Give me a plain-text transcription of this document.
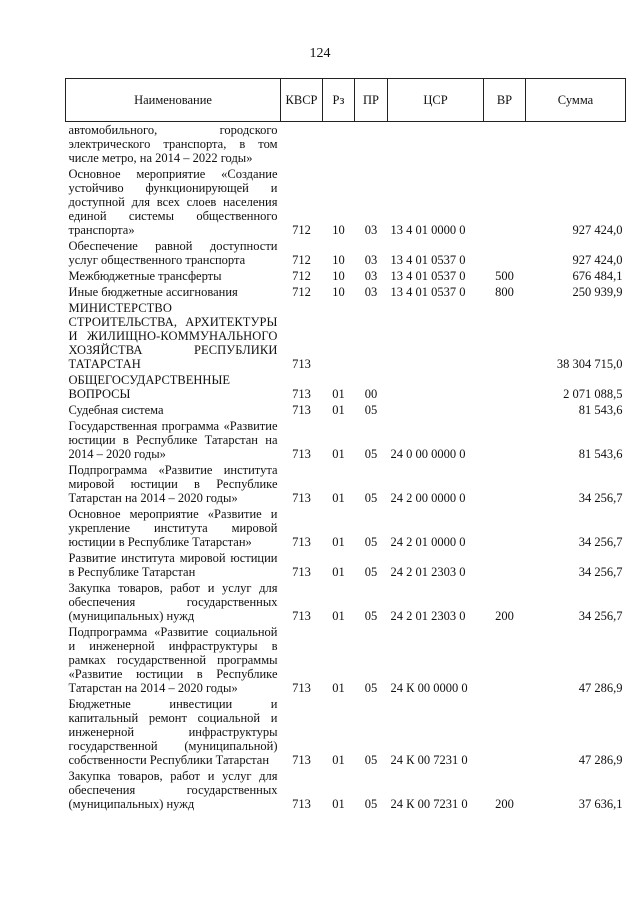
124
Наименование	КВСР	Рз	ПР	ЦСР	ВР	Сумма
автомобильного, городского электрического транспорта, в том числе метро, на 2014 – 2022 годы»						
Основное мероприятие «Создание устойчиво функционирующей и доступной для всех слоев населения единой системы общественного транспорта»	712	10	03	13 4 01 0000 0		927 424,0
Обеспечение равной доступности услуг общественного транспорта	712	10	03	13 4 01 0537 0		927 424,0
Межбюджетные трансферты	712	10	03	13 4 01 0537 0	500	676 484,1
Иные бюджетные ассигнования	712	10	03	13 4 01 0537 0	800	250 939,9
МИНИСТЕРСТВО СТРОИТЕЛЬСТВА, АРХИТЕКТУРЫ И ЖИЛИЩНО-КОММУНАЛЬНОГО ХОЗЯЙСТВА РЕСПУБЛИКИ ТАТАРСТАН	713					38 304 715,0
ОБЩЕГОСУДАРСТВЕННЫЕ ВОПРОСЫ	713	01	00			2 071 088,5
Судебная система	713	01	05			81 543,6
Государственная программа «Развитие юстиции в Республике Татарстан на 2014 – 2020 годы»	713	01	05	24 0 00 0000 0		81 543,6
Подпрограмма «Развитие института мировой юстиции в Республике Татарстан на 2014 – 2020 годы»	713	01	05	24 2 00 0000 0		34 256,7
Основное мероприятие «Развитие и укрепление института мировой юстиции в Республике Татарстан»	713	01	05	24 2 01 0000 0		34 256,7
Развитие института мировой юстиции в Республике Татарстан	713	01	05	24 2 01 2303 0		34 256,7
Закупка товаров, работ и услуг для обеспечения государственных (муниципальных) нужд	713	01	05	24 2 01 2303 0	200	34 256,7
Подпрограмма «Развитие социальной и инженерной инфраструктуры в рамках государственной программы «Развитие юстиции в Республике Татарстан на 2014 – 2020 годы»	713	01	05	24 К 00 0000 0		47 286,9
Бюджетные инвестиции и капитальный ремонт социальной и инженерной инфраструктуры государственной (муниципальной) собственности Республики Татарстан	713	01	05	24 К 00 7231 0		47 286,9
Закупка товаров, работ и услуг для обеспечения государственных (муниципальных) нужд	713	01	05	24 К 00 7231 0	200	37 636,1
